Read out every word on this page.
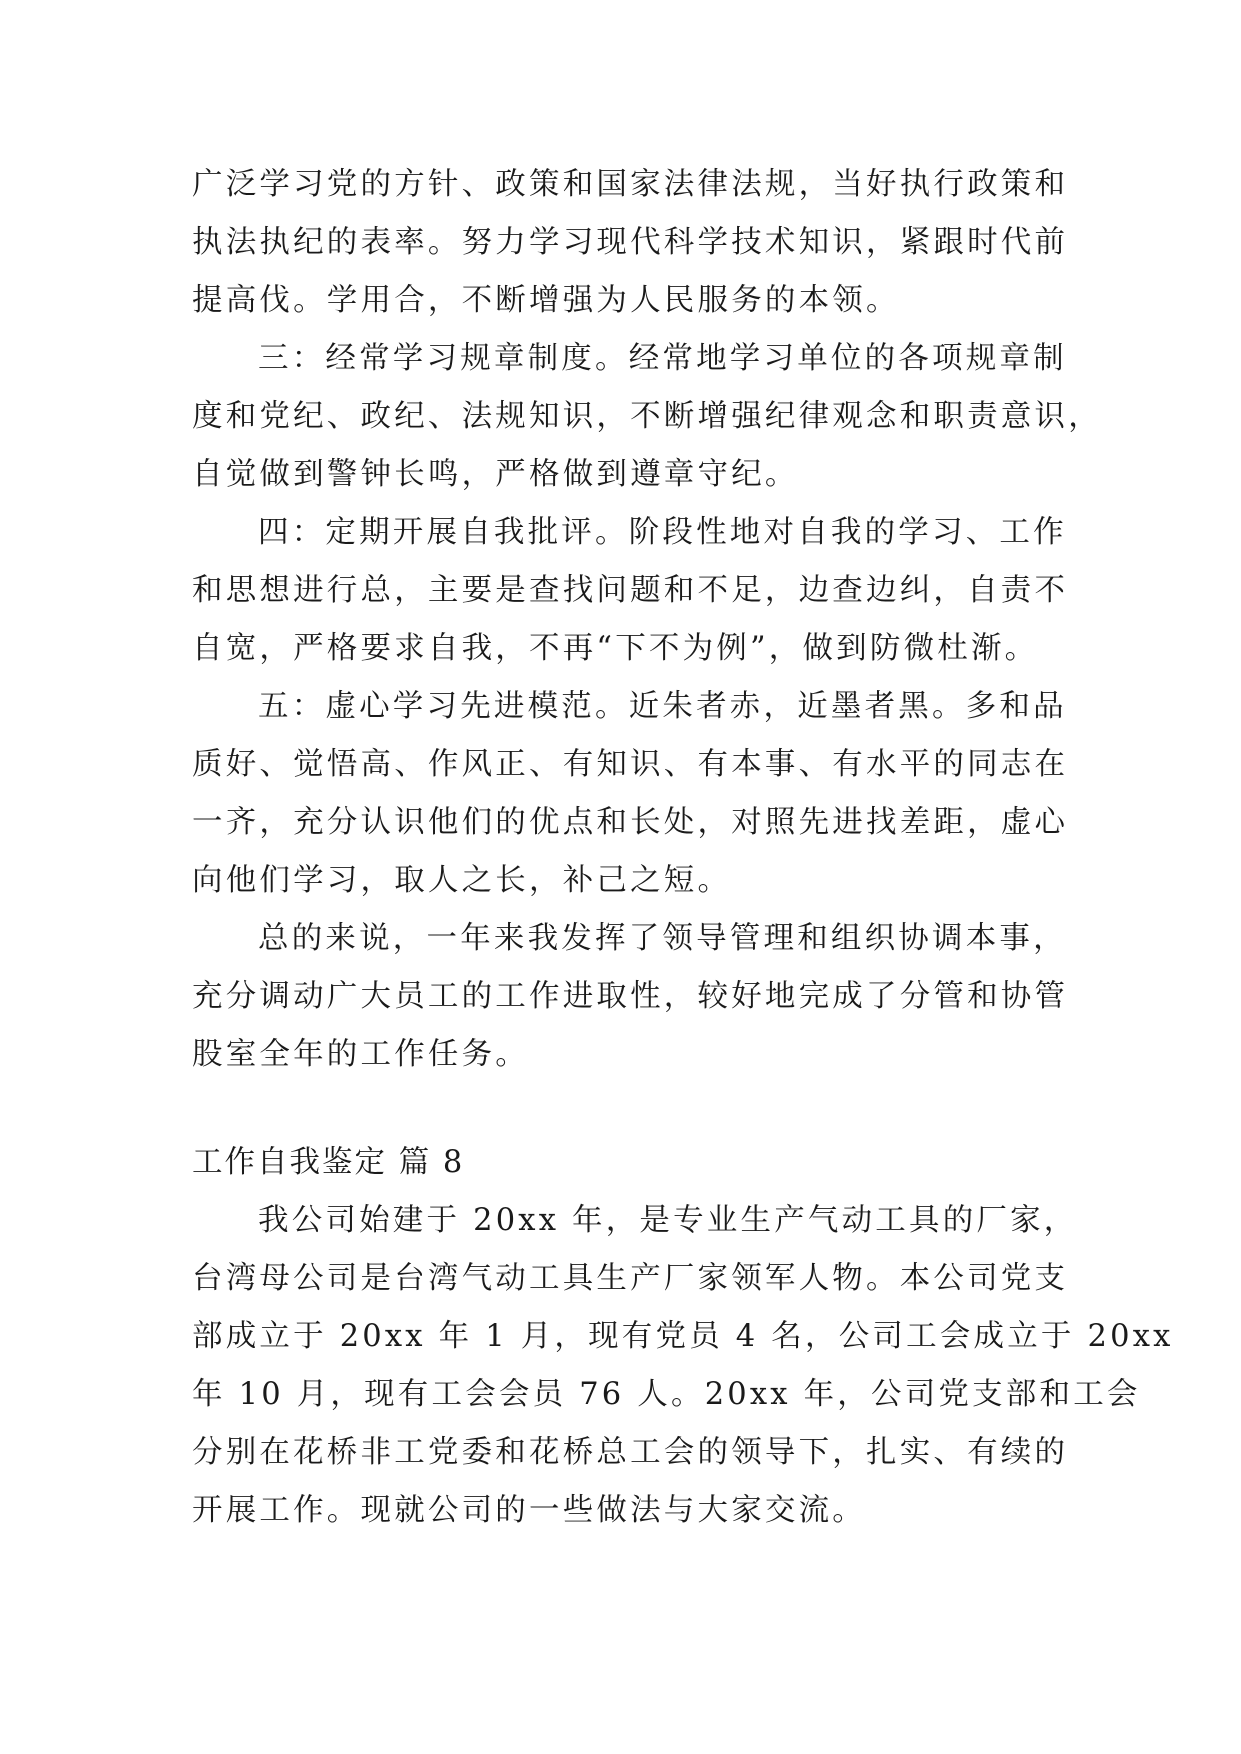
广泛学习党的方针、政策和国家法律法规，当好执行政策和
执法执纪的表率。努力学习现代科学技术知识，紧跟时代前
提高伐。学用合，不断增强为人民服务的本领。
三：经常学习规章制度。经常地学习单位的各项规章制
度和党纪、政纪、法规知识，不断增强纪律观念和职责意识，
自觉做到警钟长鸣，严格做到遵章守纪。
四：定期开展自我批评。阶段性地对自我的学习、工作
和思想进行总，主要是查找问题和不足，边查边纠，自责不
自宽，严格要求自我，不再“下不为例”，做到防微杜渐。
五：虚心学习先进模范。近朱者赤，近墨者黑。多和品
质好、觉悟高、作风正、有知识、有本事、有水平的同志在
一齐，充分认识他们的优点和长处，对照先进找差距，虚心
向他们学习，取人之长，补己之短。
总的来说，一年来我发挥了领导管理和组织协调本事，
充分调动广大员工的工作进取性，较好地完成了分管和协管
股室全年的工作任务。
工作自我鉴定 篇 8
我公司始建于 20xx 年，是专业生产气动工具的厂家，
台湾母公司是台湾气动工具生产厂家领军人物。本公司党支
部成立于 20xx 年 1 月，现有党员 4 名，公司工会成立于 20xx
年 10 月，现有工会会员 76 人。20xx 年，公司党支部和工会
分别在花桥非工党委和花桥总工会的领导下，扎实、有续的
开展工作。现就公司的一些做法与大家交流。
